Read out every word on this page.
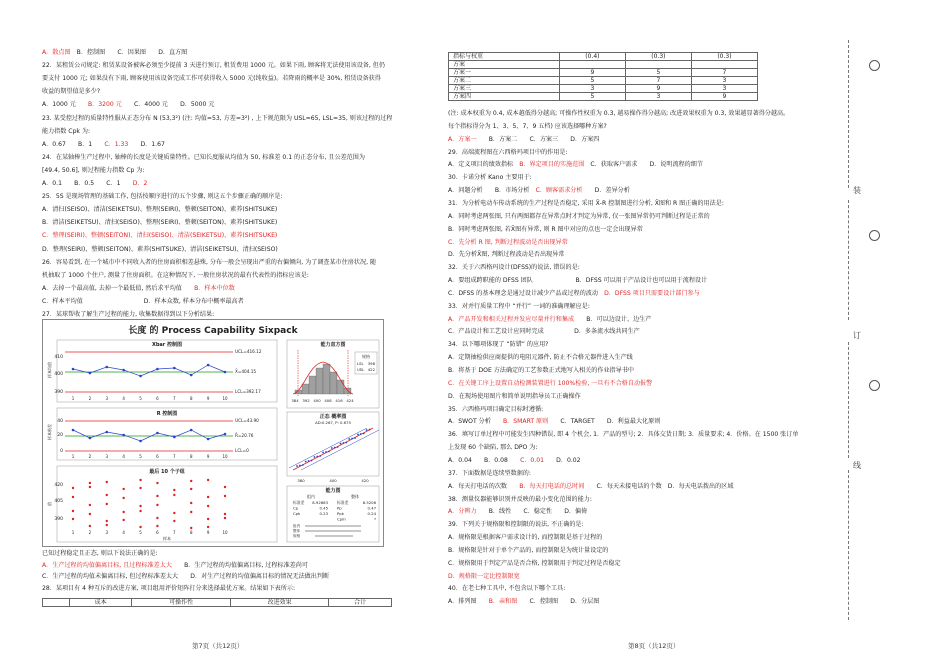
A．散点图　B．控制图　　C．因果图　　D．直方图
22．某租赁公司规定: 租赁某设备被客必须至少提前 3 天进行预订, 租赁费用 1000 元。如果下雨, 顾客将无法使用该设备, 但仍
要支付 1000 元; 如果没有下雨, 顾客使用该设备完成工作可获得收入 5000 元(纯收益)。若降雨的概率是 30%, 租赁设备获得
收益的期望值是多少?
A．1000 元　　B．3200 元　　C．4000 元　　D．5000 元
23. 某受控过程的质量特性服从正态分布 N (53,3²) (注: 均值=53, 方差=3²) , 上下规范限为 USL=65, LSL=35, 则该过程的过程
能力指数 Cpk 为:
A．0.67　　B．1　　C．1.33　　D．1.67
24．在某轴棒生产过程中, 轴棒的长度是关键质量特性。已知长度服从均值为 50, 标准差 0.1 的正态分布, 且公差范围为
[49.4, 50.6], 则过程能力指数 Cp 为:
A．0.1　　B．0.5　　C．1　　D．2
25．5S 是现场管理的基础工作, 包括按顺序进行的五个步骤, 则这五个步骤正确的顺序是:
A．清扫(SEISO)、清洁(SEIKETSU)、整理(SEIRI)、整顿(SEITON)、素养(SHITSUKE)
B．清洁(SEIKETSU)、清扫(SEISO)、整理(SEIRI)、整顿(SEITON)、素养(SHITSUKE)
C．整理(SEIRI)、整顿(SEITON)、清扫(SEISO)、清洁(SEIKETSU)、素养(SHITSUKE)
D．整理(SEIRI)、整顿(SEITON)、素养(SHITSUKE)、清洁(SEIKETSU)、清扫(SEISO)
26．容易看到, 在一个城市中不同收入者的住房面积相差悬殊, 分布一般会呈现出严重的右偏倾向, 为了调查某市住房状况, 随
机抽取了 1000 个住户, 测量了住房面积。在这种情况下, 一般住房状况的最有代表性的指标应该是:
A．去掉一个最高值, 去掉一个最低值, 然后求平均值　　B．样本中位数
C．样本平均值　　　　　　　　　　D．样本众数, 样本分布中概率最高者
27．某球帮收了解生产过程的能力, 收集数据得到以下分析结果:
长度 的 Process Capability Sixpack
Xbar 控制图
410
400
390
样本均值
UCL=416.12
X̄=404.15
LCL=392.17
1	2	3	4	5	6	7	8	9	10
R 控制图
40
20
0
样本极差
UCL=43.90
R̄=20.76
LCL=0
1	2	3	4	5	6	7	8	9	10
最后 10 个子组
420
405
390
值
1	2	3	4	5	6	7	8	9	10
样本
能力直方图
384 392 400 408 416 424
规格
LSL 398
USL 422
正态 概率图
AD:0.267, P: 0.675
380	400	420
能力图
组内	整体
标准差 8.92683
Cp	0.45
Cpk	0.23
标准差	8.5206
Pp	0.47
Ppk	0.24
Cpm	*
组内
整体
规格
已知过程稳定且正态, 则以下说法正确的是:
A．生产过程的均值偏离目标, 且过程标准差太大　　B．生产过程的均值偏离目标, 过程标准差尚可
C．生产过程的均值未偏离目标, 但过程标准差太大　　D．对生产过程的均值偏离目标的情况无法做出判断
28．某项目有 4 种互斥的改进方案, 项目组用评价矩阵打分来选择最优方案。结果如下表所示:
	成本	可操作性	改进效果	合计
第7页（共12页）
指标与权重	(0.4)	(0.3)	(0.3)
方案			
方案一	9	5	7
方案二	5	7	3
方案三	3	9	3
方案四	5	3	9
(注: 成本权重为 0.4, 成本越低得分越高; 可操作性权重为 0.3, 越易操作得分越高; 改进效果权重为 0.3, 效果越显著得分越高。
每个指标得分为 1、3、5、7、9 五档) 应该选择哪种方案?
A．方案一　　B．方案二　　C．方案三　　D．方案四
29．高端流程图在六西格玛项目中的作用是:
A．定义项目的绩效指标　B．界定项目的实施范围　C．获取客户需求　　D．说明流程的细节
30．卡诺分析 Kano 主要用于:
A．问题分析　　B．市场分析　C．顾客需求分析　　D．差异分析
31．为分析电动车传动系统的生产过程是否稳定, 采用 X̄-R 控制图进行分析, X̄图和 R 图正确的用法是:
A．同时考虑两张图, 只有两图都存在异常点时才判定为异常, 仅一张图异常仍可判断过程是正常的
B．同时考虑两张图, 若X̄图有异常, 则 R 图中对应的点也一定会出现异常
C．先分析 R 图, 判断过程波动是否出现异常
D．先分析X̄图, 判断过程波动是否出现异常
32．关于六西格玛设计(DFSS)的说法, 错误的是:
A．要组成跨职能的 DFSS 团队　　　　　　　B．DFSS 可以用于产品设计也可以用于流程设计
C．DFSS 的基本理念是通过设计减少产品或过程的波动　D．DFSS 项目只需要设计部门参与
33．对并行质量工程中 “并行” 一词的准确理解应是:
A．产品开发和相关过程并发应尽量并行和集成　　B．可以边设计、边生产
C．产品设计和工艺设计应同时完成　　　　　D．多条流水线共同生产
34．以下哪项体现了 “防错” 的应用?
A．定期抽检供应商提供的电阻元器件, 防止不合格元器件进入生产线
B．将基于 DOE 方法确定的工艺参数正式地写入相关的作业指导书中
C．在关键工序上设置自动检测装置进行 100%检验, 一旦有不合格自动报警
D．在现场使用图片和简单说明指导员工正确操作
35．六西格玛项目确定目标时遵循:
A．SWOT 分析　　B．SMART 原则　　C．TARGET　　D．利益最大化原则
36．填写订单过程中可能发生四种错误, 即 4 个机会, 1．产品的型号; 2．具体交货日期; 3．质量要求; 4．价格。在 1500 张订单
上发现 60 个缺陷, 那么 DPO 为:
A．0.04　　B．0.08　　C．0.01　　D．0.02
37．下面数据是连续型数据的:
A．每天打电话的次数　　B．每天打电话的总时间　　C．每天未接电话的个数　D．每天电话拨出的区域
38．测量仪器能够识别并反映的最小变化范围的能力:
A．分辨力　　B．线性　　C．稳定性　　D．偏倚
39．下列关于规格限和控制限的说法, 不正确的是:
A．规格限是根据客户需求设计的, 而控制限是基于过程的
B．规格限是针对于单个产品的, 而控制限是为统计量设定的
C．规格限用于判定产品是否合格, 控制限用于判定过程是否稳定
D．规格限一定比控制限宽
40．在老七种工具中, 不包含以下哪个工具:
A．排列图　　B．亲和图　　C．控制图　　D．分层图
第8页（共12页）
装
订
线
